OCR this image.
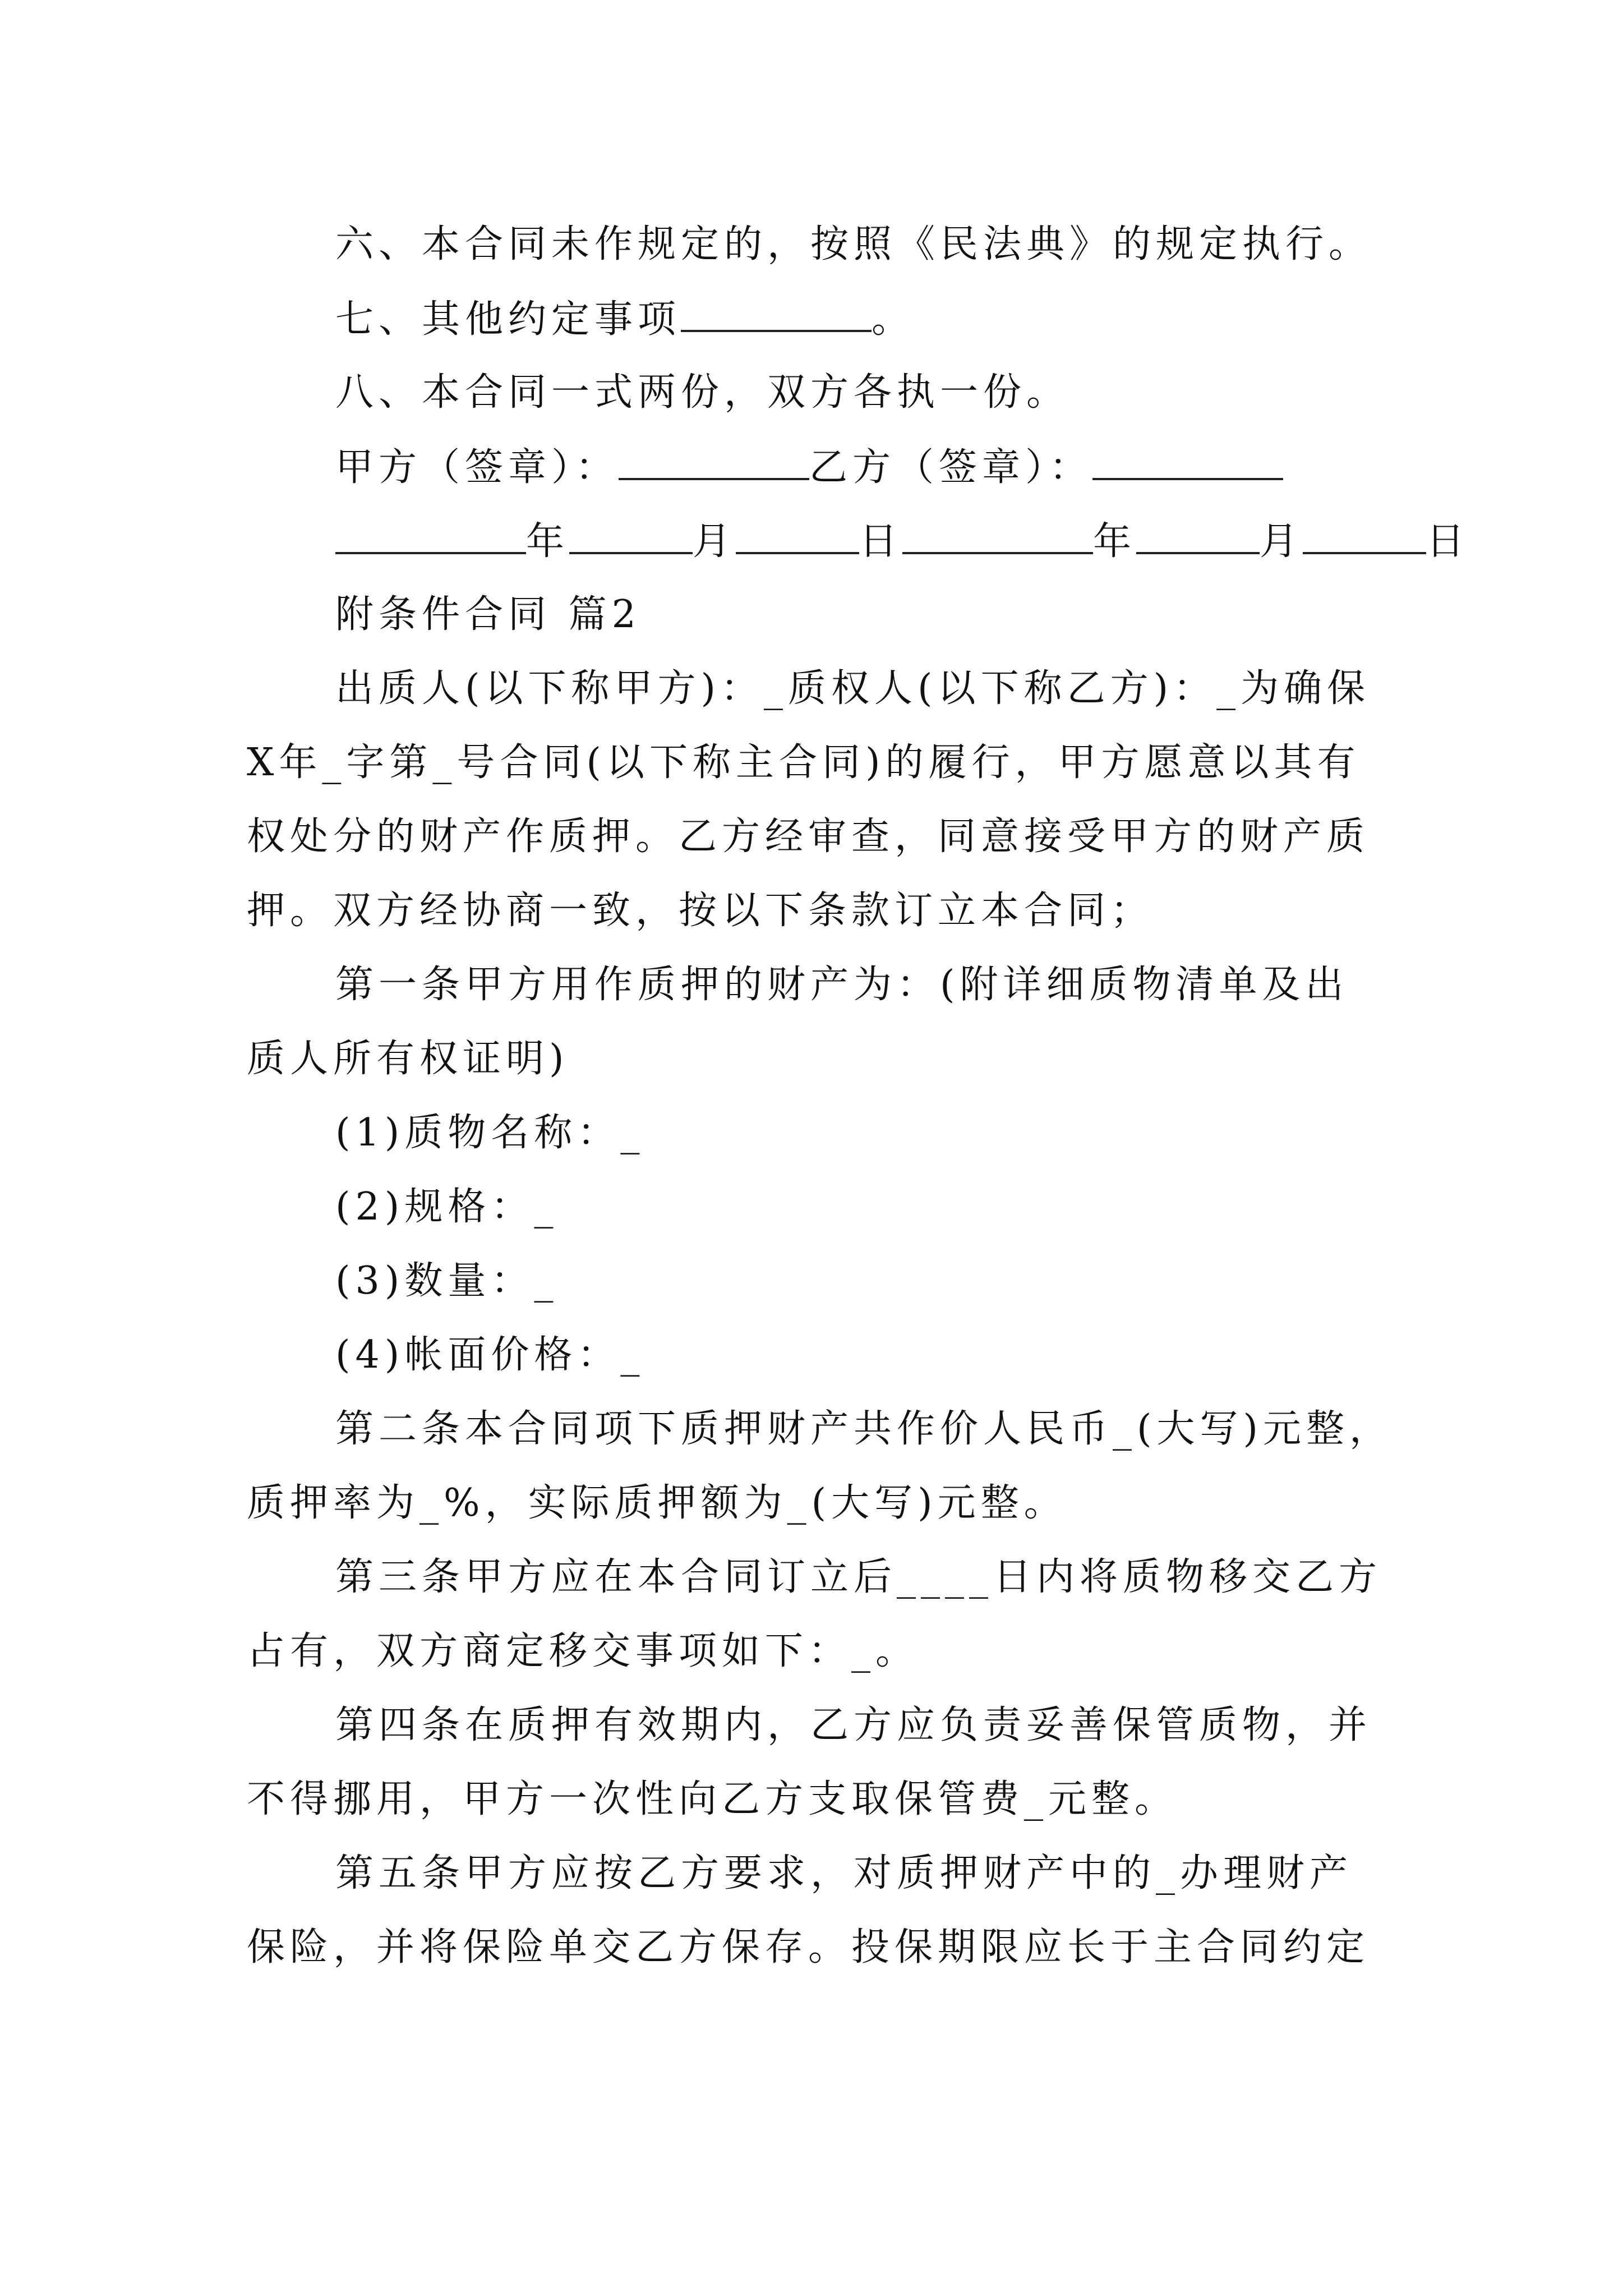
六、本合同未作规定的，按照《民法典》的规定执行。
七、其他约定事项	。
八、本合同一式两份，双方各执一份。
甲方（签章）：	乙方（签章）：
年	月	日	年	月	日
附条件合同 篇2
出质人(以下称甲方)：_质权人(以下称乙方)：_为确保
X年_字第_号合同(以下称主合同)的履行，甲方愿意以其有
权处分的财产作质押。乙方经审查，同意接受甲方的财产质
押。双方经协商一致，按以下条款订立本合同；
第一条甲方用作质押的财产为：(附详细质物清单及出
质人所有权证明)
(1)质物名称：_
(2)规格：_
(3)数量：_
(4)帐面价格：_
第二条本合同项下质押财产共作价人民币_(大写)元整，
质押率为_%，实际质押额为_(大写)元整。
第三条甲方应在本合同订立后____日内将质物移交乙方
占有，双方商定移交事项如下：_。
第四条在质押有效期内，乙方应负责妥善保管质物，并
不得挪用，甲方一次性向乙方支取保管费_元整。
第五条甲方应按乙方要求，对质押财产中的_办理财产
保险，并将保险单交乙方保存。投保期限应长于主合同约定
